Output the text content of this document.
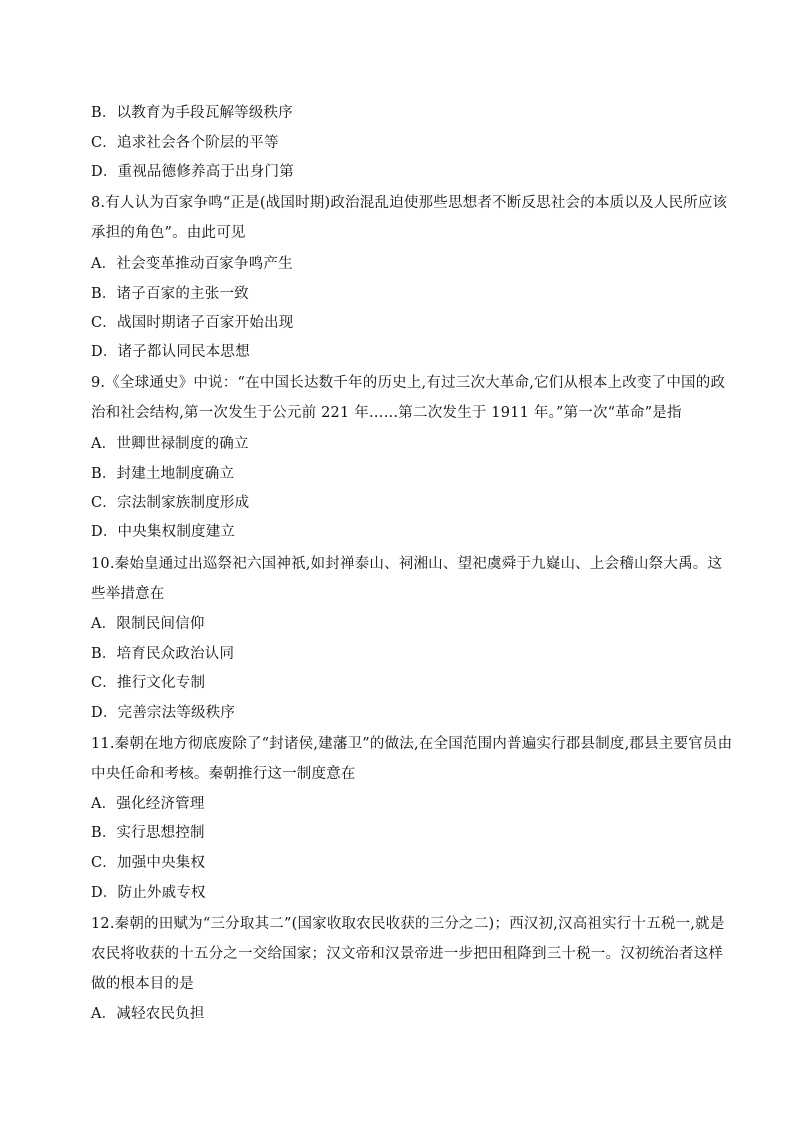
B．以教育为手段瓦解等级秩序
C．追求社会各个阶层的平等
D．重视品德修养高于出身门第
8.有人认为百家争鸣“正是(战国时期)政治混乱迫使那些思想者不断反思社会的本质以及人民所应该
承担的角色”。由此可见
A．社会变革推动百家争鸣产生
B．诸子百家的主张一致
C．战国时期诸子百家开始出现
D．诸子都认同民本思想
9.《全球通史》中说：“在中国长达数千年的历史上,有过三次大革命,它们从根本上改变了中国的政
治和社会结构,第一次发生于公元前 221 年……第二次发生于 1911 年。”第一次“革命”是指
A．世卿世禄制度的确立
B．封建土地制度确立
C．宗法制家族制度形成
D．中央集权制度建立
10.秦始皇通过出巡祭祀六国神祇,如封禅泰山、祠湘山、望祀虞舜于九嶷山、上会稽山祭大禹。这
些举措意在
A．限制民间信仰
B．培育民众政治认同
C．推行文化专制
D．完善宗法等级秩序
11.秦朝在地方彻底废除了“封诸侯,建藩卫”的做法,在全国范围内普遍实行郡县制度,郡县主要官员由
中央任命和考核。秦朝推行这一制度意在
A．强化经济管理
B．实行思想控制
C．加强中央集权
D．防止外戚专权
12.秦朝的田赋为“三分取其二”(国家收取农民收获的三分之二)；西汉初,汉高祖实行十五税一,就是
农民将收获的十五分之一交给国家；汉文帝和汉景帝进一步把田租降到三十税一。汉初统治者这样
做的根本目的是
A．减轻农民负担
